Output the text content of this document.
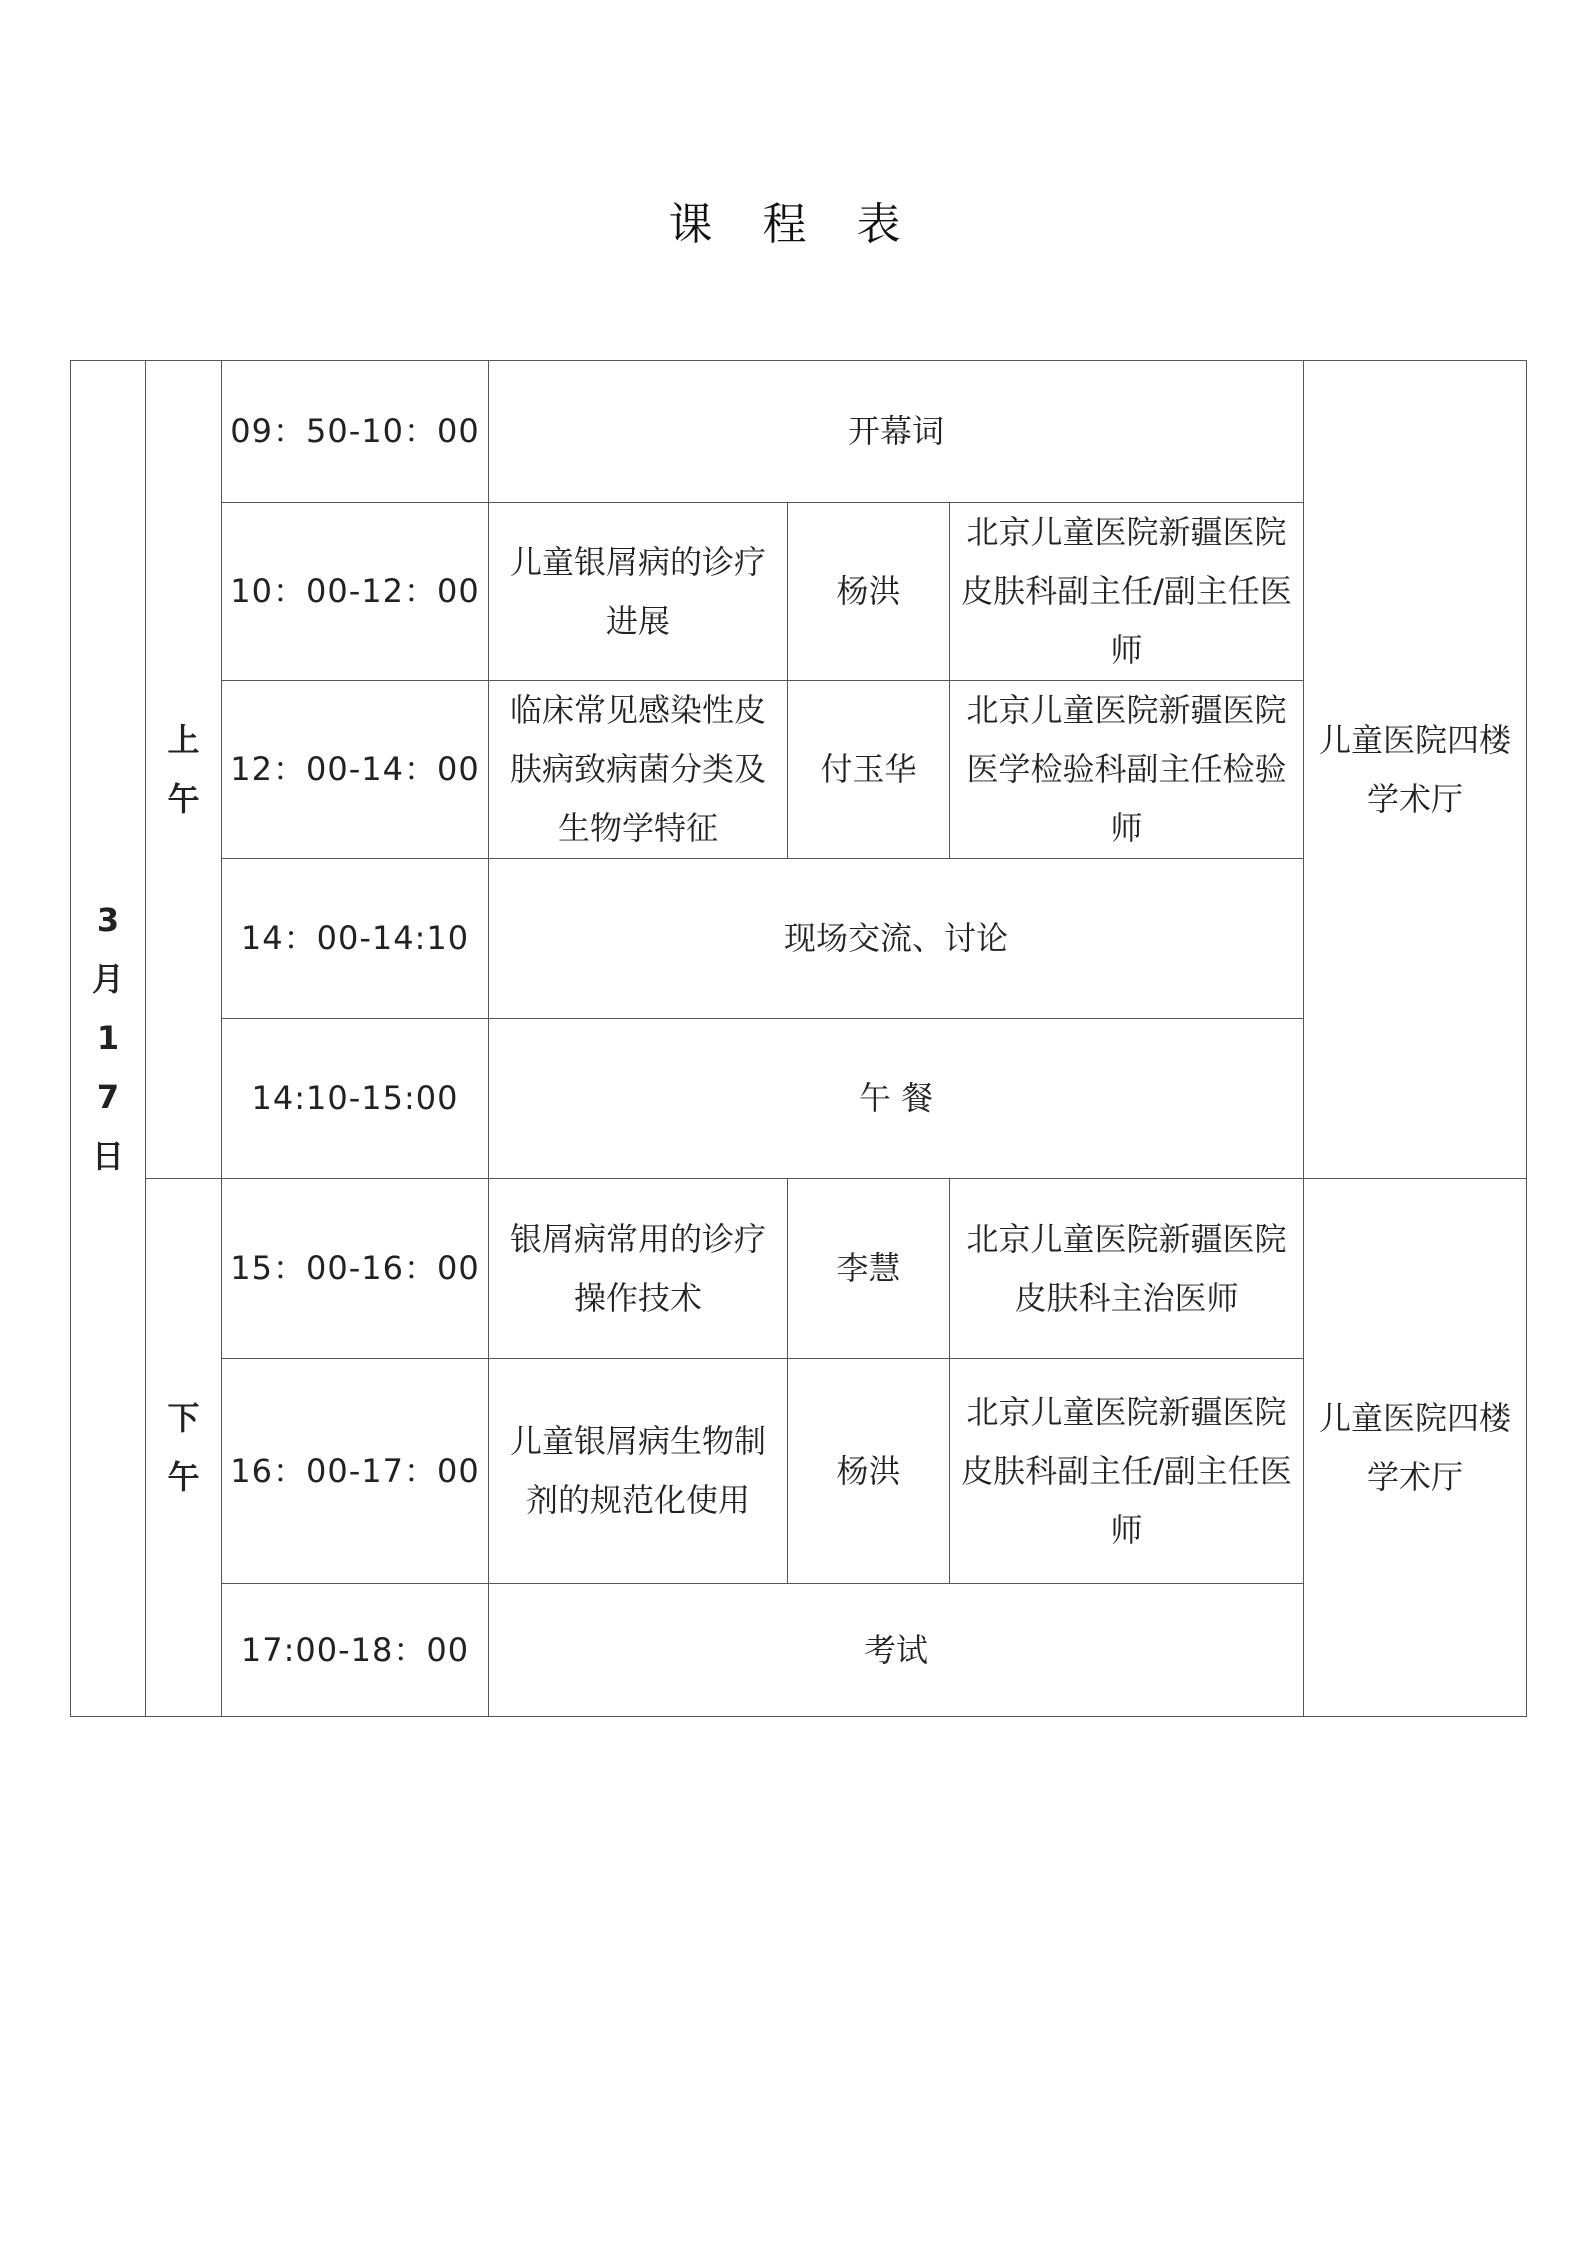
课 程 表
3月17日	上午	09：50-10：00	开幕词			儿童医院四楼学术厅
		10：00-12：00	儿童银屑病的诊疗进展	杨洪	北京儿童医院新疆医院皮肤科副主任/副主任医师	
		12：00-14：00	临床常见感染性皮肤病致病菌分类及生物学特征	付玉华	北京儿童医院新疆医院医学检验科副主任检验师	
		14：00-14:10	现场交流、讨论			
		14:10-15:00	午 餐			
	下午	15：00-16：00	银屑病常用的诊疗操作技术	李慧	北京儿童医院新疆医院皮肤科主治医师	儿童医院四楼学术厅
		16：00-17：00	儿童银屑病生物制剂的规范化使用	杨洪	北京儿童医院新疆医院皮肤科副主任/副主任医师	
		17:00-18：00	考试			
